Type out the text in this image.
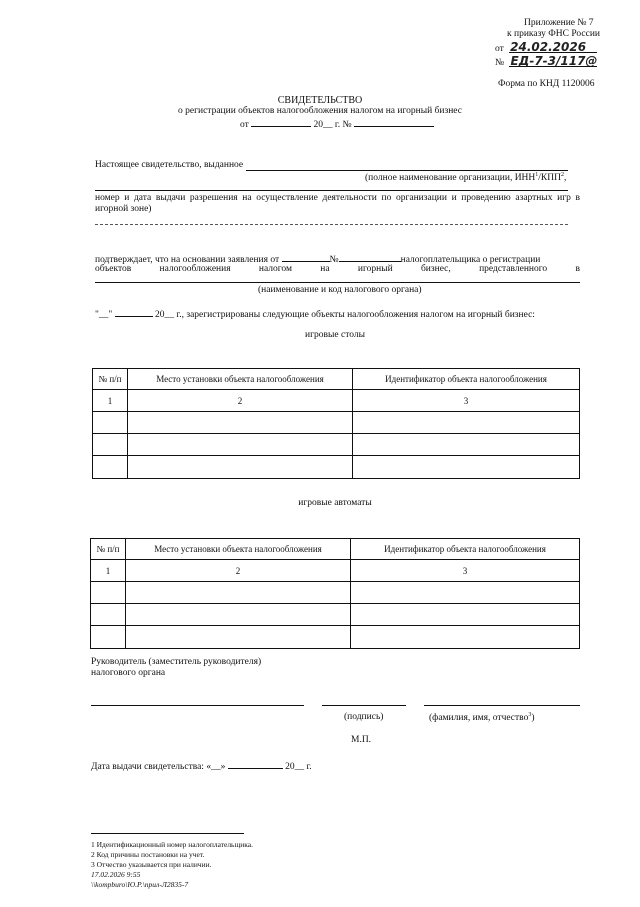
Приложение № 7
к приказу ФНС России
от 24.02.2026
№ ЕД-7-3/117@
Форма по КНД 1120006
СВИДЕТЕЛЬСТВО
о регистрации объектов налогообложения налогом на игорный бизнес
от	20__ г. №
Настоящее свидетельство, выданное
(полное наименование организации, ИНН$^1$/КПП$^2$,
номер и дата выдачи разрешения на осуществление деятельности по организации и проведению азартных игр в игорной зоне)
подтверждает, что на основании заявления от	№	налогоплательщика о регистрации
объектов	налогообложения	налогом	на	игорный	бизнес,	представленного	в
(наименование и код налогового органа)
"__"	20__ г., зарегистрированы следующие объекты налогообложения налогом на игорный бизнес:
игровые столы
№ п/п	Место установки объекта налогообложения	Идентификатор объекта налогообложения
1	2	3

игровые автоматы
№ п/п	Место установки объекта налогообложения	Идентификатор объекта налогообложения
1	2	3

Руководитель (заместитель руководителя)
налогового органа
(подпись)	(фамилия, имя, отчество$^3$)
М.П.
Дата выдачи свидетельства: «__»	20__ г.
1 Идентификационный номер налогоплательщика.
2 Код причины постановки на учет.
3 Отчество указывается при наличии.
17.02.2026 9:55
\\kompburo\Ю.Р.\прил-Л2835-7
